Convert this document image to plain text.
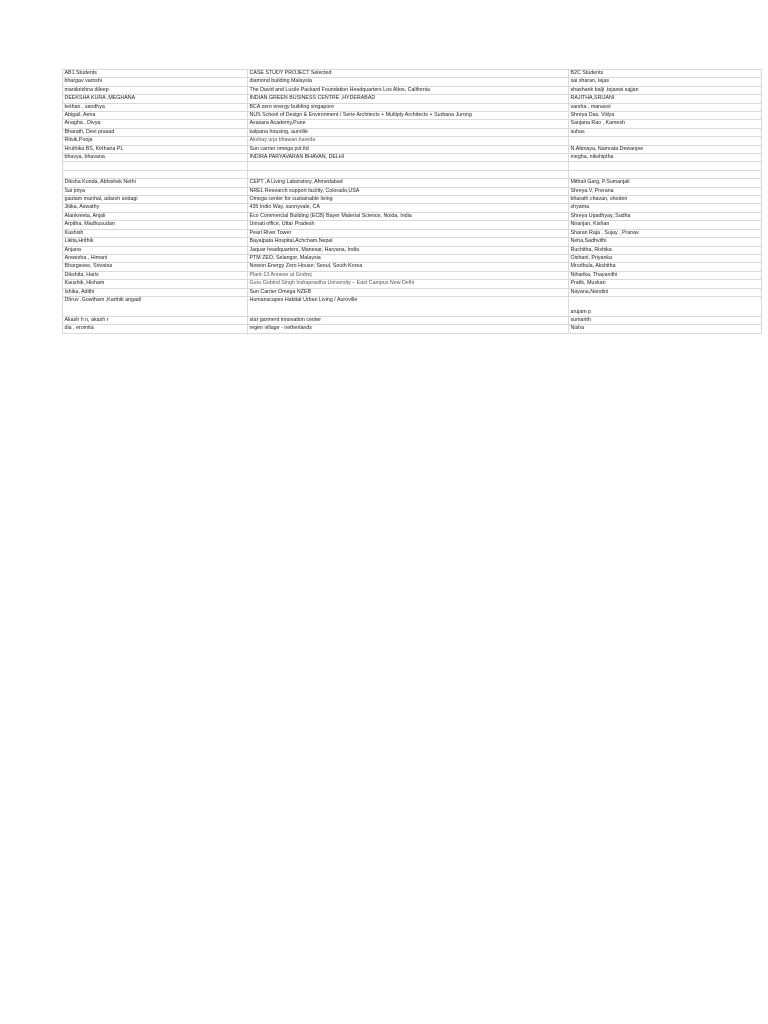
AB1 Students	CASE STUDY PROJECT Selected	B2C Students
bhargav vamshi	diamond building Malaysia	sai sharan, tejas
manikrishna dileep	The David and Lucile Packard Foundation Headquarters Los Altos, California	shashank balji ,tejaswi sajjan
DEEKSHA KURA ,MEGHANA	INDIAN GREEN BUSINESS CENTRE ,HYDERABAD	RAJITHA,SRIJANI
kethan , sandhya	BCA zero energy building singapore	varsha , manasvi
Abigail, Aena	NUS School of Design & Environment / Serie Architects + Multiply Architects + Surbana Jurong	Shreya Das, Vidya
Anagha , Divya	Avasara Academy,Pune	Sanjana Rao , Kamesh
Bharath, Devi prasad	kalpana housing, aurville	suhas
Ritvik,Pooja	Akshay urja bhawan,hareda	
Hruthika BS, Kirthana PL	Sun carrier omega pvt.ltd	N.Abinaya, Namrata Dewanjee
bhavya, bhavana	INDIRA PARYAVARAN BHAVAN, DELHI	megha, nikshiptha

Diksha Konda, Abhishek Nethi	CEPT ,A Living Laboratory, Ahmedabad	Mithali Garg, P.Sumanjali
Sai priya	NREL Research support facility, Colorado,USA	Shreya.V, Prerana
gautam manhal, adarsh andagi	Omega center for sustainable living	bharath chavan, shoden
Jitika, Aswathy	435 Indio Way, sunnyvale, CA	shyama
Alankreeta, Anjali	Eco Commercial Building (ECB) Bayer Material Science, Noida, India	Shreya Upadhyay, Sudha
Arpitha, Madhusudan	Unnati office, Uttar Pradesh	Niranjan, Kishan
Kashish	Pearl River Tower	Sharan Raja , Sujay , Pranav
Likita,Hrithik	Bayalpata Hospital,Achcham,Nepal	Neha,Sadhvithi
Anjana	Jaquar headquarters, Manesar, Haryana, India	Ruchitha, Rishika
Anwesha , Himani	PTM ZEO, Selangor, Malaysia	Oishani, Priyanka
Bhargavee, Srivatsa	Nowon Energy Zero House; Seoul, South Korea	Mrudhula, Akshitha
Dikshita, Haris	Plant-13 Annexe at Godrej	Niharika, Thayanithi
Kaushik, Hisham	Guru Gobind Singh Indraprastha University – East Campus New Delhi	Pratik, Muskan
Ishika, Adithi	Sun Carrier Omega NZEB	Nayana,Nandini
Dhruv ,Gowtham ,Karthik angadi	Humanscapes Habitat Urban Living / Auroville	arujam p
Akash h n, akash r	star garment innovation center	sumanth
dia , eromita	regen village - netherlands	Nisha
